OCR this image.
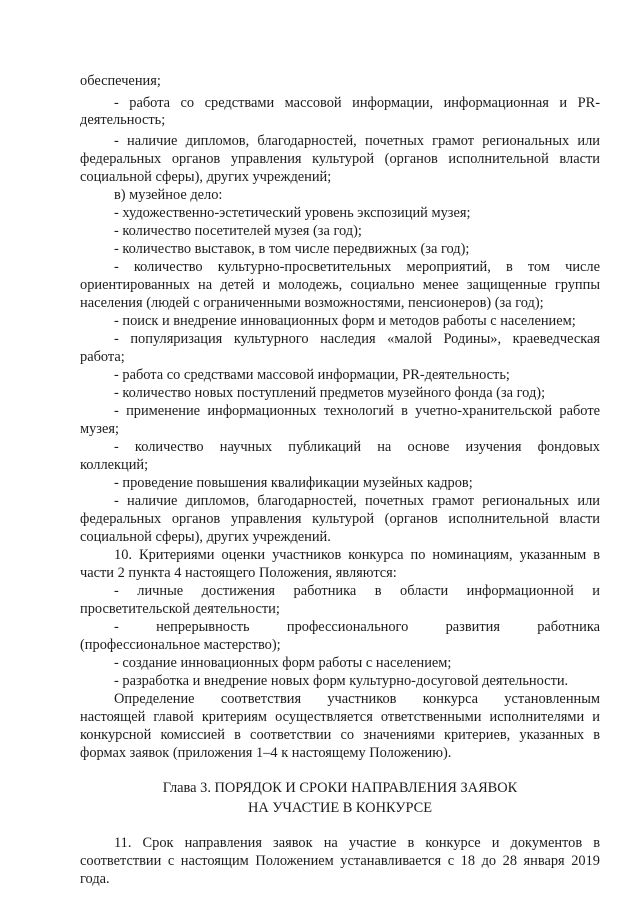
обеспечения;
- работа со средствами массовой информации, информационная и PR-
деятельность;
- наличие дипломов, благодарностей, почетных грамот региональных или
федеральных органов управления культурой (органов исполнительной власти
социальной сферы), других учреждений;
в) музейное дело:
- художественно-эстетический уровень экспозиций музея;
- количество посетителей музея (за год);
- количество выставок, в том числе передвижных (за год);
- количество культурно-просветительных мероприятий, в том числе
ориентированных на детей и молодежь, социально менее защищенные группы
населения (людей с ограниченными возможностями, пенсионеров) (за год);
- поиск и внедрение инновационных форм и методов работы с населением;
- популяризация культурного наследия «малой Родины», краеведческая
работа;
- работа со средствами массовой информации, PR-деятельность;
- количество новых поступлений предметов музейного фонда (за год);
- применение информационных технологий в учетно-хранительской работе
музея;
- количество научных публикаций на основе изучения фондовых
коллекций;
- проведение повышения квалификации музейных кадров;
- наличие дипломов, благодарностей, почетных грамот региональных или
федеральных органов управления культурой (органов исполнительной власти
социальной сферы), других учреждений.
10. Критериями оценки участников конкурса по номинациям, указанным в
части 2 пункта 4 настоящего Положения, являются:
- личные достижения работника в области информационной и
просветительской деятельности;
- непрерывность профессионального развития работника
(профессиональное мастерство);
- создание инновационных форм работы с населением;
- разработка и внедрение новых форм культурно-досуговой деятельности.
Определение соответствия участников конкурса установленным
настоящей главой критериям осуществляется ответственными исполнителями и
конкурсной комиссией в соответствии со значениями критериев, указанных в
формах заявок (приложения 1–4 к настоящему Положению).
Глава 3. ПОРЯДОК И СРОКИ НАПРАВЛЕНИЯ ЗАЯВОК
НА УЧАСТИЕ В КОНКУРСЕ
11. Срок направления заявок на участие в конкурсе и документов в
соответствии с настоящим Положением устанавливается с 18 до 28 января 2019
года.
